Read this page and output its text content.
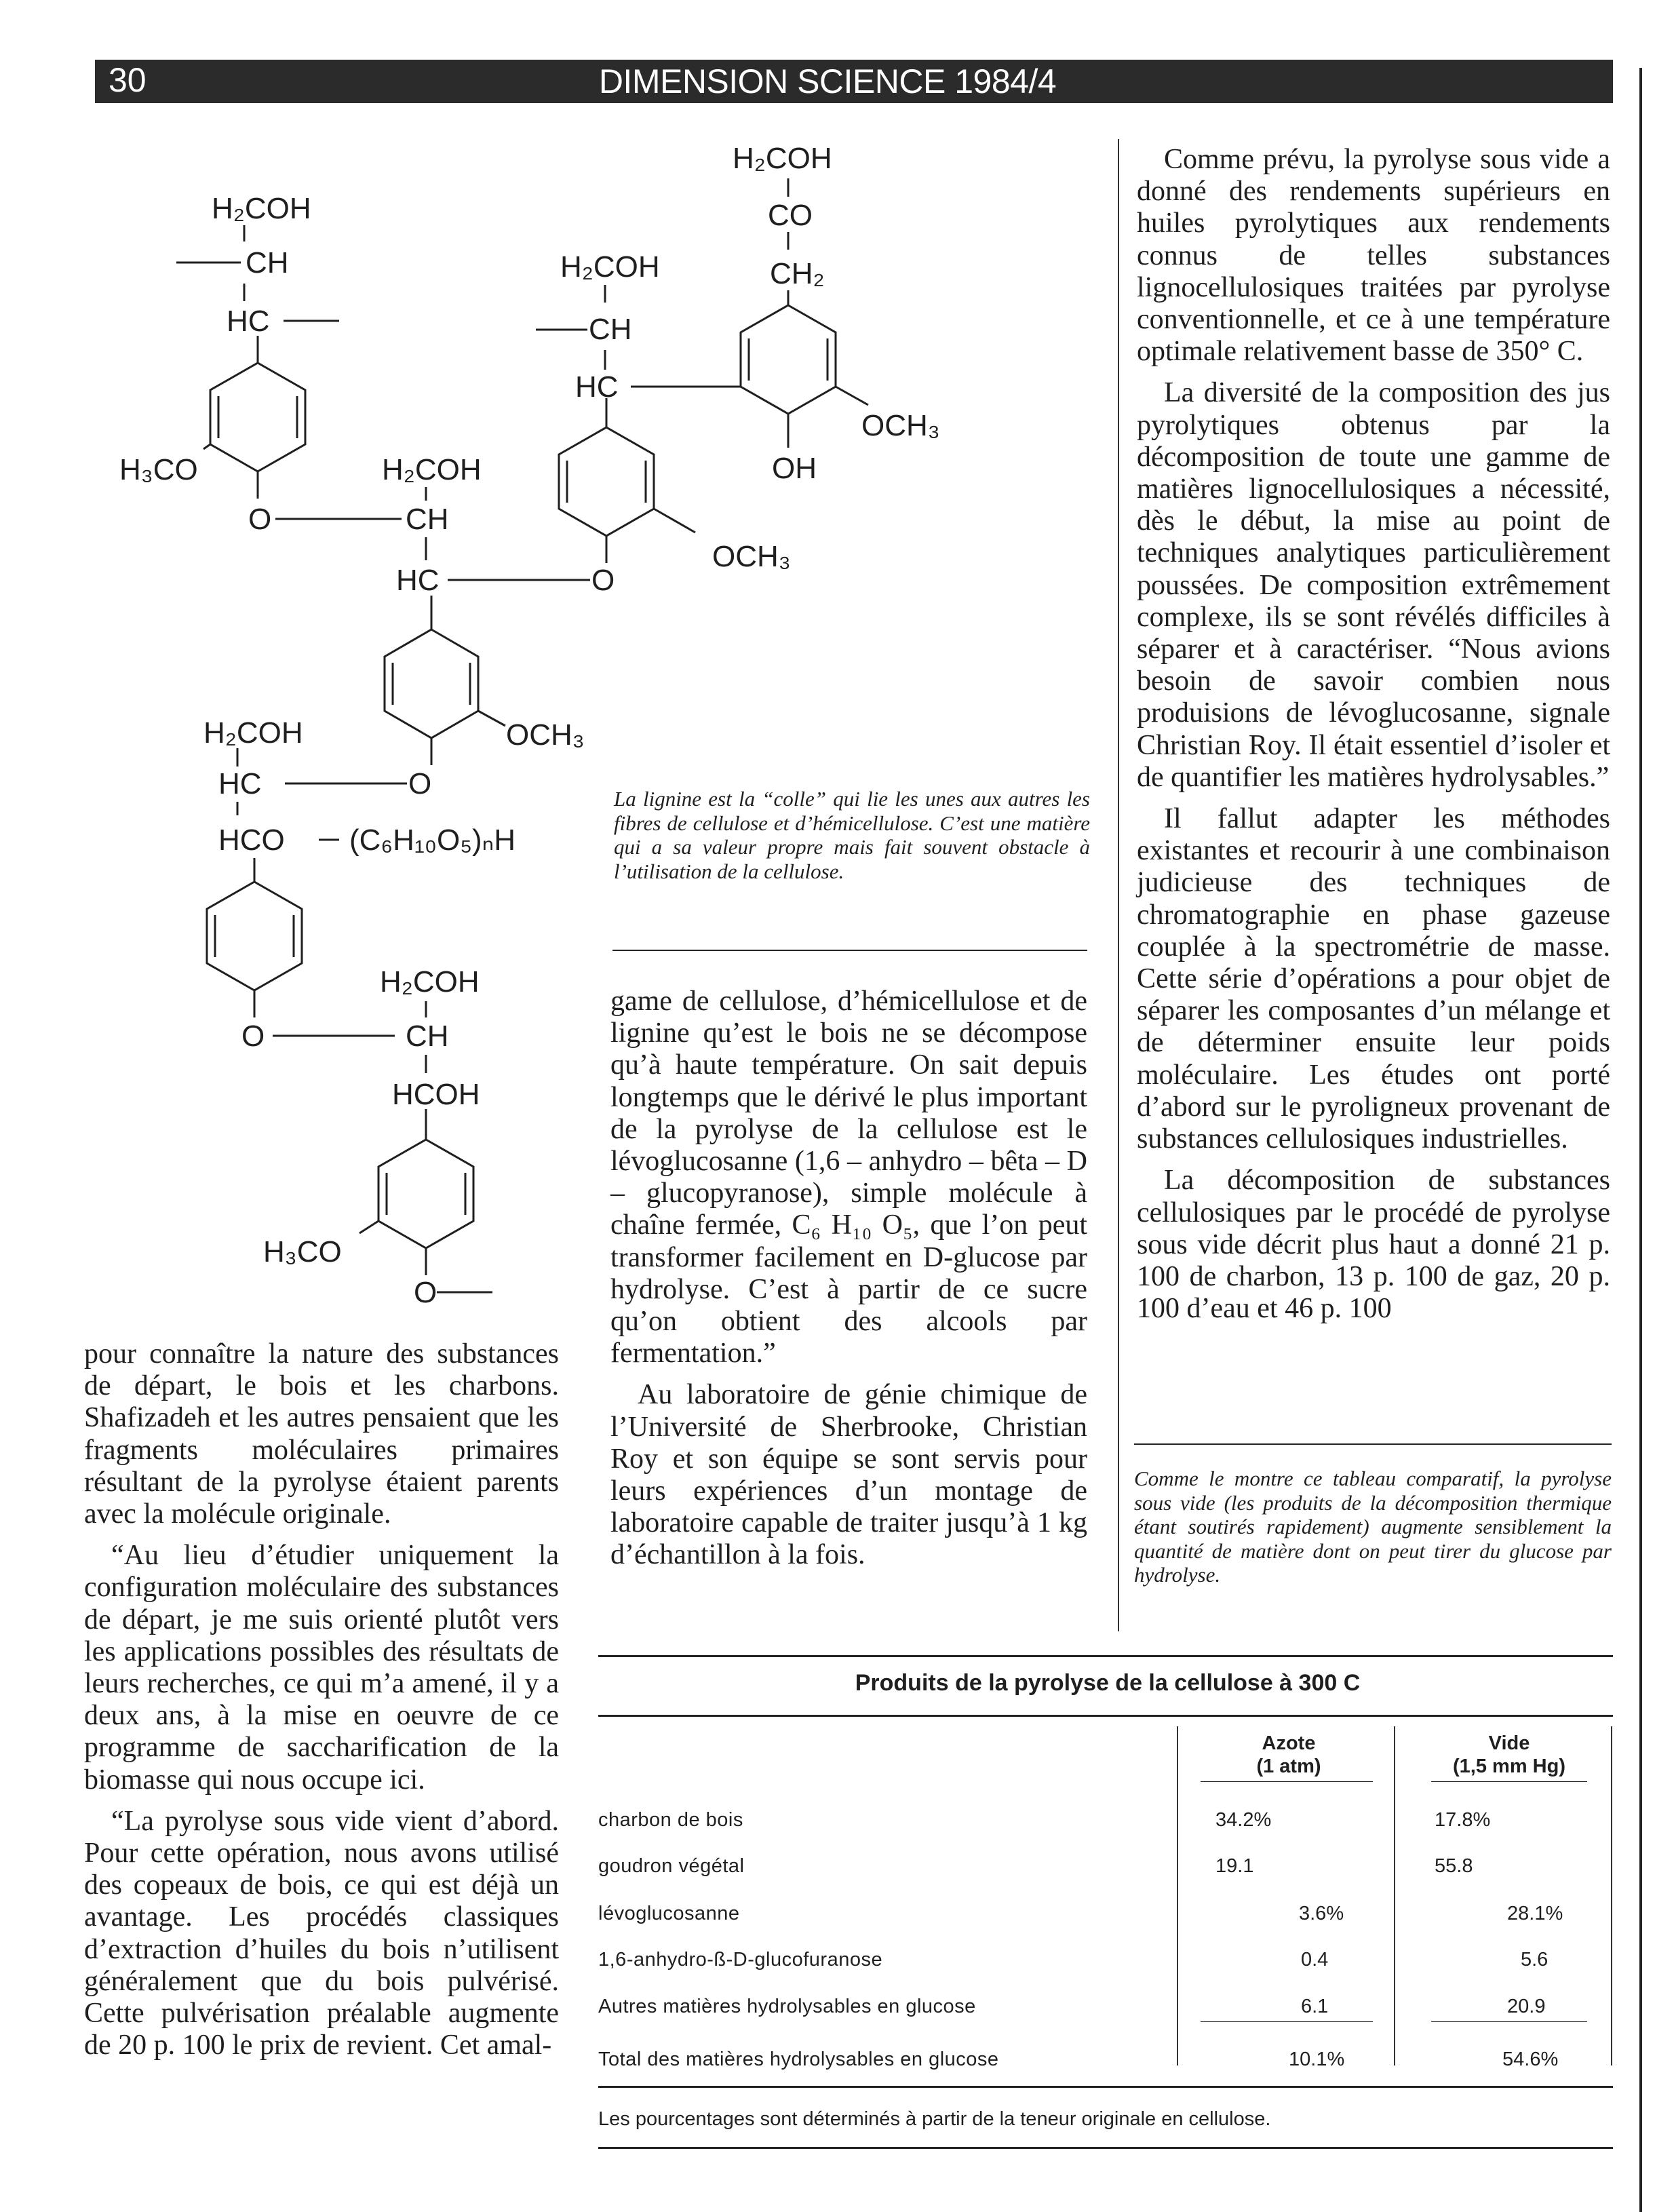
30	DIMENSION SCIENCE 1984/4
H₂COH
CH
HC
H₃CO
O
H₂COH
CH
HC	O
OCH₃
H₂COH
CH
HC
OCH₃
H₂COH
CO
CH₂
OCH₃
OH
H₂COH
HC	O
HCO (C₆H₁₀O₅)ₙH
O
H₂COH
CH
HCOH
H₃CO
O
La lignine est la “colle” qui lie les unes aux autres les fibres de cellulose et d’hémicellulose. C’est une matière qui a sa valeur propre mais fait souvent obstacle à l’utilisation de la cellulose.

pour connaître la nature des substances de départ, le bois et les charbons. Shafizadeh et les autres pensaient que les fragments moléculaires primaires résultant de la pyrolyse étaient parents avec la molécule originale.

“Au lieu d’étudier uniquement la configuration moléculaire des substances de départ, je me suis orienté plutôt vers les applications possibles des résultats de leurs recherches, ce qui m’a amené, il y a deux ans, à la mise en oeuvre de ce programme de saccharification de la biomasse qui nous occupe ici.

“La pyrolyse sous vide vient d’abord. Pour cette opération, nous avons utilisé des copeaux de bois, ce qui est déjà un avantage. Les procédés classiques d’extraction d’huiles du bois n’utilisent généralement que du bois pulvérisé. Cette pulvérisation préalable augmente de 20 p. 100 le prix de revient. Cet amal-

game de cellulose, d’hémicellulose et de lignine qu’est le bois ne se décompose qu’à haute température. On sait depuis longtemps que le dérivé le plus important de la pyrolyse de la cellulose est le lévoglucosanne (1,6 – anhydro – bêta – D – glucopyranose), simple molécule à chaîne fermée, C₆ H₁₀ O₅, que l’on peut transformer facilement en D-glucose par hydrolyse. C’est à partir de ce sucre qu’on obtient des alcools par fermentation.”

Au laboratoire de génie chimique de l’Université de Sherbrooke, Christian Roy et son équipe se sont servis pour leurs expériences d’un montage de laboratoire capable de traiter jusqu’à 1 kg d’échantillon à la fois.

Comme prévu, la pyrolyse sous vide a donné des rendements supérieurs en huiles pyrolytiques aux rendements connus de telles substances lignocellulosiques traitées par pyrolyse conventionnelle, et ce à une température optimale relativement basse de 350° C.

La diversité de la composition des jus pyrolytiques obtenus par la décomposition de toute une gamme de matières lignocellulosiques a nécessité, dès le début, la mise au point de techniques analytiques particulièrement poussées. De composition extrêmement complexe, ils se sont révélés difficiles à séparer et à caractériser. “Nous avions besoin de savoir combien nous produisions de lévoglucosanne, signale Christian Roy. Il était essentiel d’isoler et de quantifier les matières hydrolysables.”

Il fallut adapter les méthodes existantes et recourir à une combinaison judicieuse des techniques de chromatographie en phase gazeuse couplée à la spectrométrie de masse. Cette série d’opérations a pour objet de séparer les composantes d’un mélange et de déterminer ensuite leur poids moléculaire. Les études ont porté d’abord sur le pyroligneux provenant de substances cellulosiques industrielles.

La décomposition de substances cellulosiques par le procédé de pyrolyse sous vide décrit plus haut a donné 21 p. 100 de charbon, 13 p. 100 de gaz, 20 p. 100 d’eau et 46 p. 100

Comme le montre ce tableau comparatif, la pyrolyse sous vide (les produits de la décomposition thermique étant soutirés rapidement) augmente sensiblement la quantité de matière dont on peut tirer du glucose par hydrolyse.
Produits de la pyrolyse de la cellulose à 300 C
Azote
(1 atm)
Vide
(1,5 mm Hg)
charbon de bois	34.2%	17.8%
goudron végétal	19.1	55.8
lévoglucosanne	3.6%	28.1%
1,6-anhydro-ß-D-glucofuranose	0.4	5.6
Autres matières hydrolysables en glucose	6.1	20.9
Total des matières hydrolysables en glucose	10.1%	54.6%
Les pourcentages sont déterminés à partir de la teneur originale en cellulose.
